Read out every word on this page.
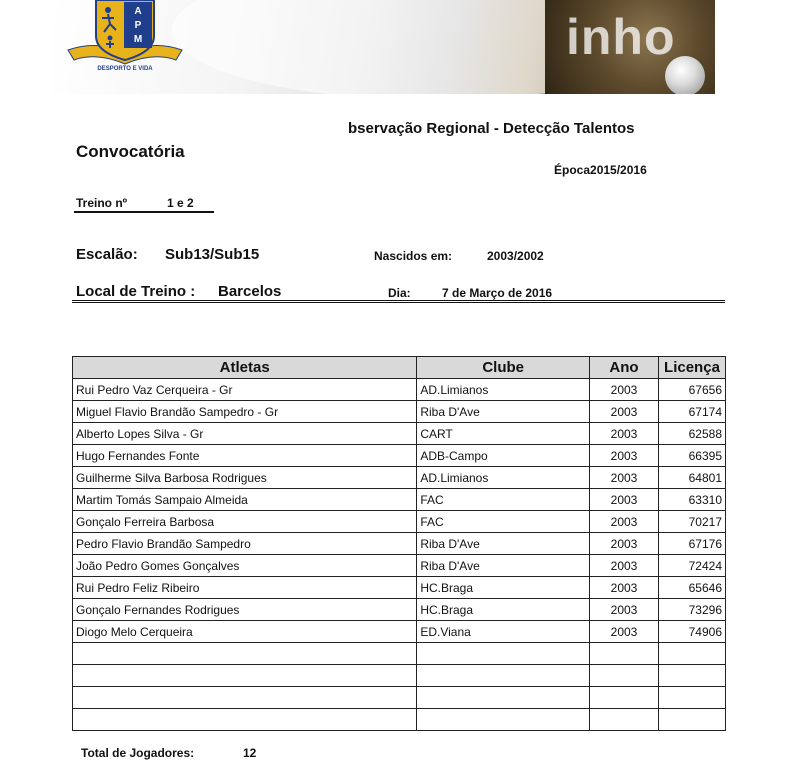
inho
A
P
M
DESPORTO E VIDA
bservação Regional - Detecção Talentos
Convocatória
Época2015/2016
Treino nº	1 e 2
Escalão: Sub13/Sub15	Nascidos em:	2003/2002
Local de Treino : Barcelos	Dia:	7 de Março de 2016
Atletas	Clube	Ano	Licença
Rui Pedro Vaz Cerqueira - Gr	AD.Limianos	2003	67656
Miguel Flavio Brandão Sampedro - Gr	Riba D'Ave	2003	67174
Alberto Lopes Silva - Gr	CART	2003	62588
Hugo Fernandes Fonte	ADB-Campo	2003	66395
Guilherme Silva Barbosa Rodrigues	AD.Limianos	2003	64801
Martim Tomás Sampaio Almeida	FAC	2003	63310
Gonçalo Ferreira Barbosa	FAC	2003	70217
Pedro Flavio Brandão Sampedro	Riba D'Ave	2003	67176
João Pedro Gomes Gonçalves	Riba D'Ave	2003	72424
Rui Pedro Feliz Ribeiro	HC.Braga	2003	65646
Gonçalo Fernandes Rodrigues	HC.Braga	2003	73296
Diogo Melo Cerqueira	ED.Viana	2003	74906

Total de Jogadores:	12
